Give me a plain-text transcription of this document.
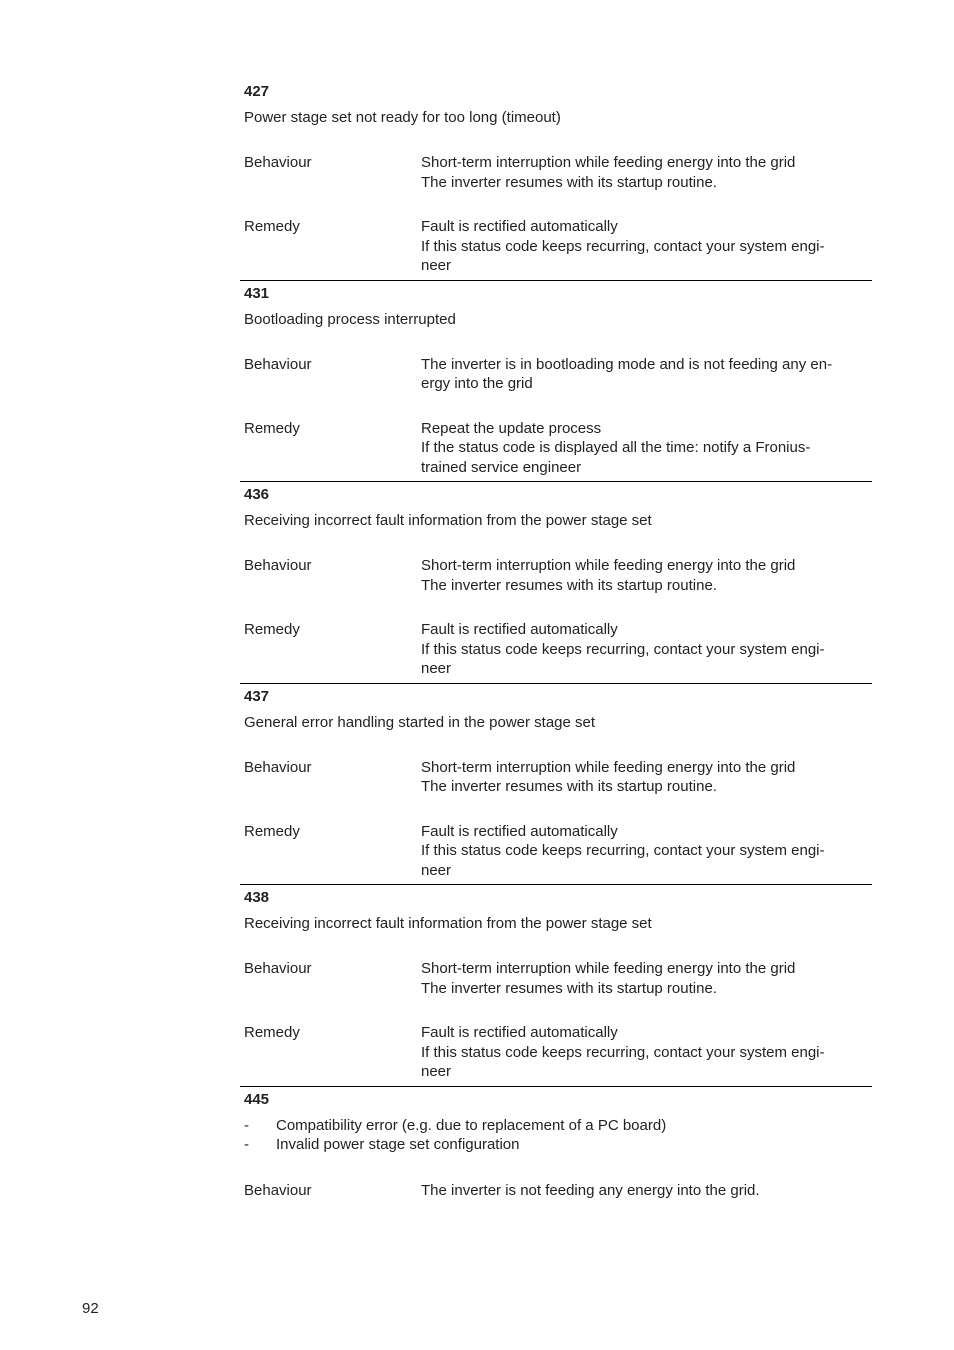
427
Power stage set not ready for too long (timeout)
Behaviour	Short-term interruption while feeding energy into the grid
The inverter resumes with its startup routine.
Remedy	Fault is rectified automatically
If this status code keeps recurring, contact your system engi-
neer
431
Bootloading process interrupted
Behaviour	The inverter is in bootloading mode and is not feeding any en-
ergy into the grid
Remedy	Repeat the update process
If the status code is displayed all the time: notify a Fronius-
trained service engineer
436
Receiving incorrect fault information from the power stage set
Behaviour	Short-term interruption while feeding energy into the grid
The inverter resumes with its startup routine.
Remedy	Fault is rectified automatically
If this status code keeps recurring, contact your system engi-
neer
437
General error handling started in the power stage set
Behaviour	Short-term interruption while feeding energy into the grid
The inverter resumes with its startup routine.
Remedy	Fault is rectified automatically
If this status code keeps recurring, contact your system engi-
neer
438
Receiving incorrect fault information from the power stage set
Behaviour	Short-term interruption while feeding energy into the grid
The inverter resumes with its startup routine.
Remedy	Fault is rectified automatically
If this status code keeps recurring, contact your system engi-
neer
445
-	Compatibility error (e.g. due to replacement of a PC board)
-	Invalid power stage set configuration
Behaviour	The inverter is not feeding any energy into the grid.
92
